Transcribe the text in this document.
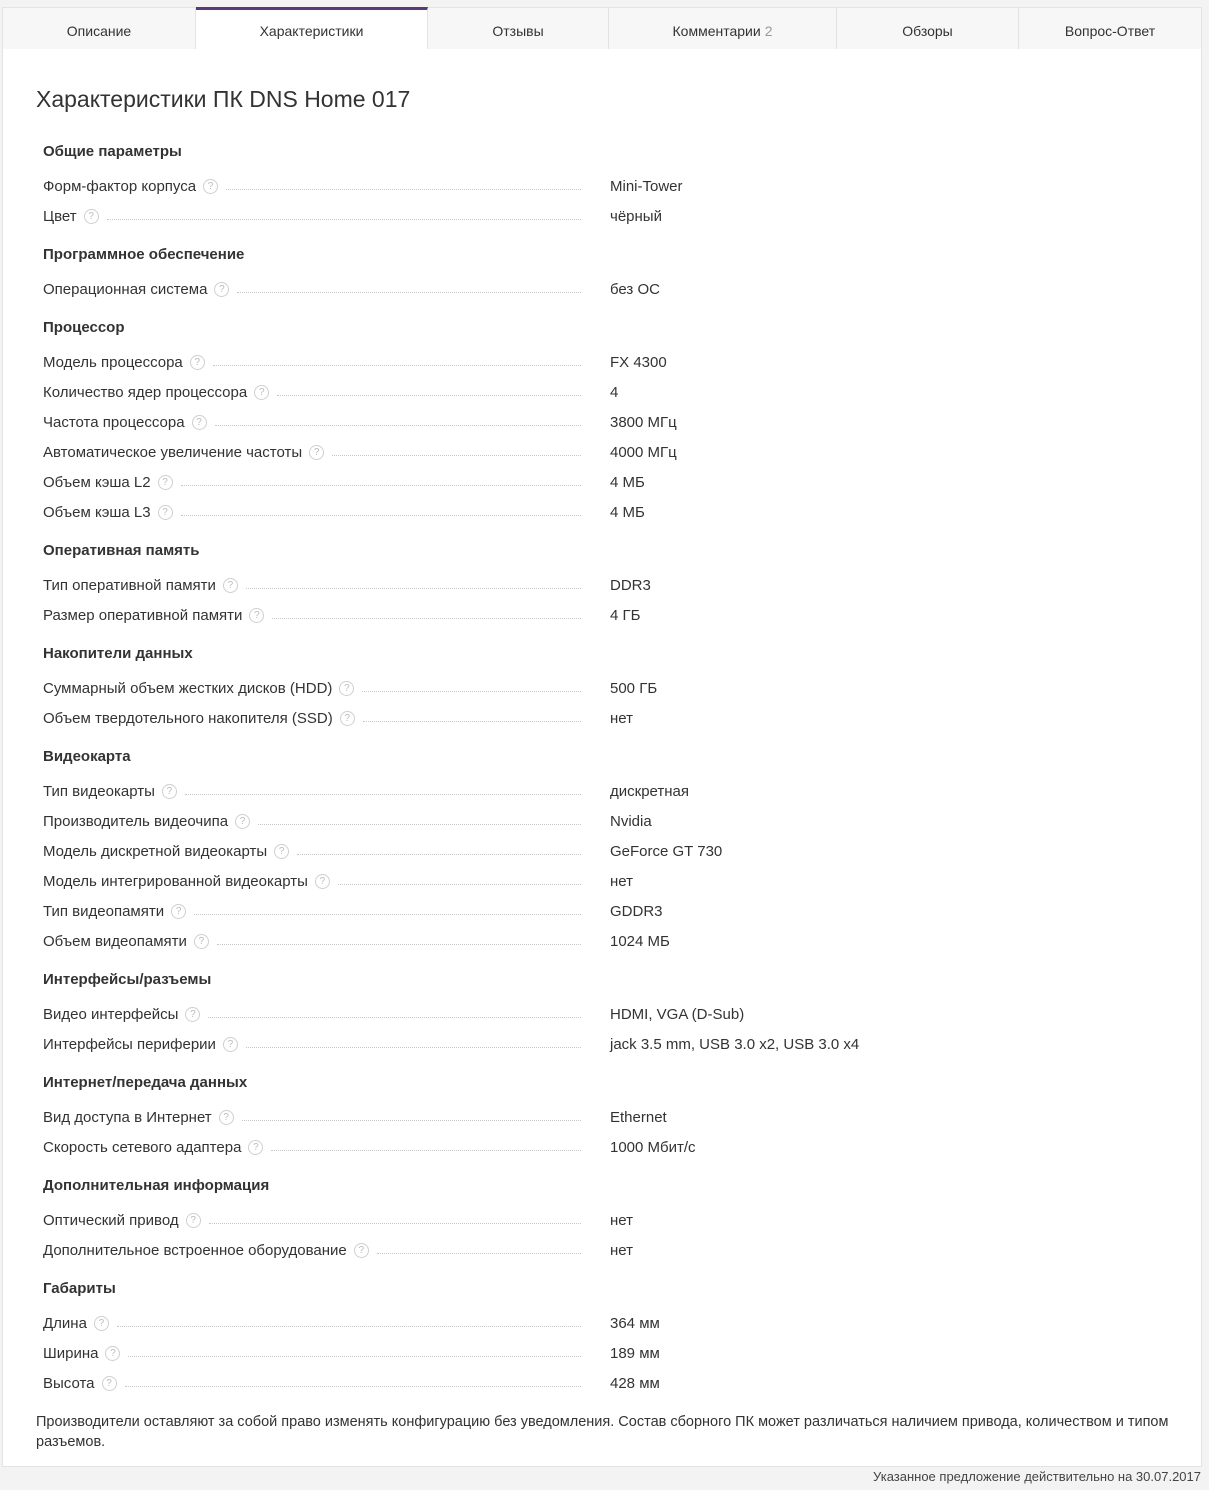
Описание	Характеристики	Отзывы	Комментарии 2	Обзоры	Вопрос-Ответ
Характеристики ПК DNS Home 017
Общие параметры
Форм-фактор корпуса	?	Mini-Tower
Цвет	?	чёрный
Программное обеспечение
Операционная система	?	без ОС
Процессор
Модель процессора	?	FX 4300
Количество ядер процессора	?	4
Частота процессора	?	3800 МГц
Автоматическое увеличение частоты	?	4000 МГц
Объем кэша L2	?	4 МБ
Объем кэша L3	?	4 МБ
Оперативная память
Тип оперативной памяти	?	DDR3
Размер оперативной памяти	?	4 ГБ
Накопители данных
Суммарный объем жестких дисков (HDD)	?	500 ГБ
Объем твердотельного накопителя (SSD)	?	нет
Видеокарта
Тип видеокарты	?	дискретная
Производитель видеочипа	?	Nvidia
Модель дискретной видеокарты	?	GeForce GT 730
Модель интегрированной видеокарты	?	нет
Тип видеопамяти	?	GDDR3
Объем видеопамяти	?	1024 МБ
Интерфейсы/разъемы
Видео интерфейсы	?	HDMI, VGA (D-Sub)
Интерфейсы периферии	?	jack 3.5 mm, USB 3.0 x2, USB 3.0 x4
Интернет/передача данных
Вид доступа в Интернет	?	Ethernet
Скорость сетевого адаптера	?	1000 Мбит/с
Дополнительная информация
Оптический привод	?	нет
Дополнительное встроенное оборудование	?	нет
Габариты
Длина	?	364 мм
Ширина	?	189 мм
Высота	?	428 мм

Производители оставляют за собой право изменять конфигурацию без уведомления. Состав сборного ПК может различаться наличием привода, количеством и типом разъемов.

Указанное предложение действительно на 30.07.2017
